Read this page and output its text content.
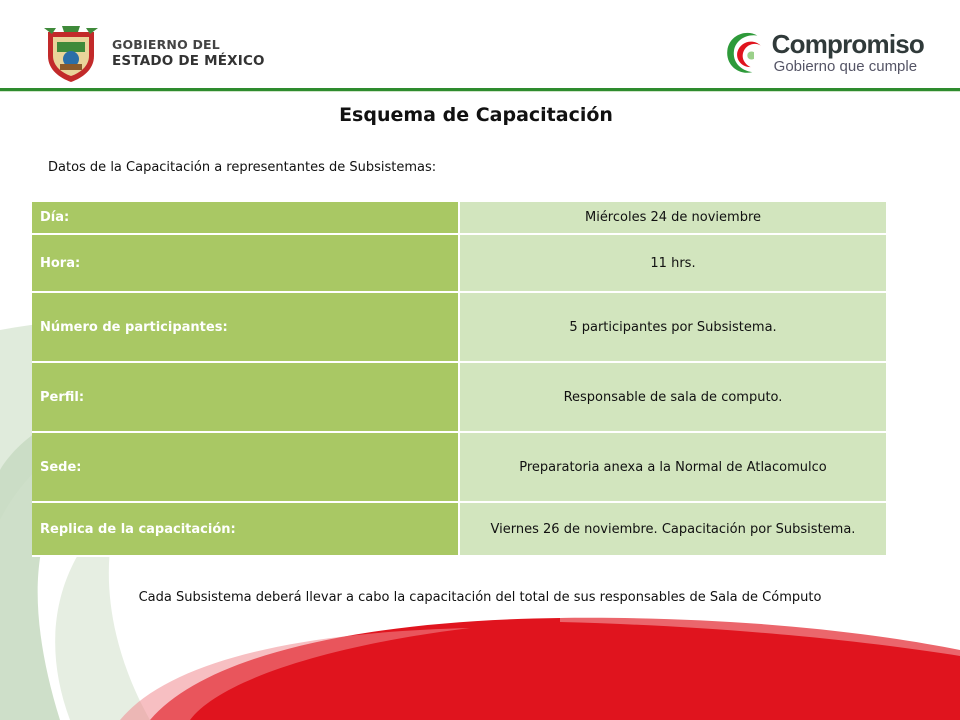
GOBIERNO DEL
ESTADO DE MÉXICO
Compromiso
Gobierno que cumple
Esquema de Capacitación
Datos de la Capacitación a representantes de Subsistemas:
Día:	Miércoles 24 de noviembre
Hora:	11 hrs.
Número de participantes:	5 participantes por Subsistema.
Perfil:	Responsable de sala de computo.
Sede:	Preparatoria anexa a la Normal de Atlacomulco
Replica de la capacitación:	Viernes 26 de noviembre. Capacitación por Subsistema.
Cada Subsistema deberá llevar a cabo la capacitación del total de sus responsables de Sala de Cómputo
